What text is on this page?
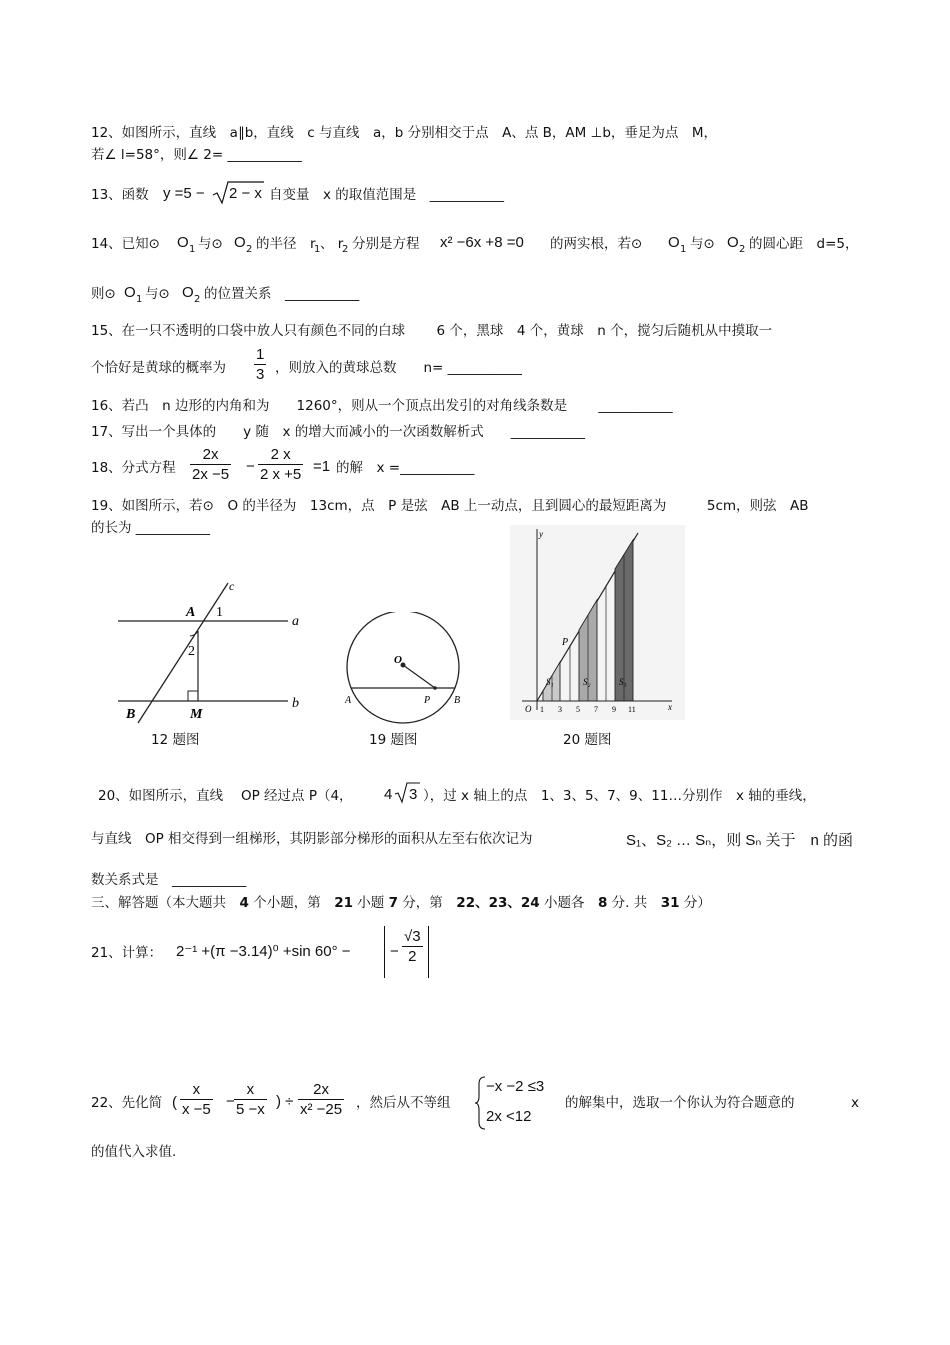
12、如图所示，直线　a∥b，直线　c 与直线　a，b 分别相交于点　A、点 B，AM ⊥b，垂足为点　M，
若∠ l=58°，则∠ 2= ___________
13、函数 y =5 − 2 − x 自变量　x 的取值范围是　___________
14、已知⊙ O 1 与⊙ O 2 的半径　r
1 、 r
2 分别是方程 x² −6x +8 =0 的两实根，若⊙ O 1 与⊙ O 2 的圆心距　d=5，
则⊙ O 1 与⊙ O 2 的位置关系　___________
15、在一只不透明的口袋中放人只有颜色不同的白球　　 6 个，黑球　4 个，黄球　n 个，搅匀后随机从中摸取一
个恰好是黄球的概率为 $\frac{1}{3}$ ，则放入的黄球总数　　n= ___________
16、若凸　n 边形的内角和为　　1260°，则从一个顶点出发引的对角线条数是　　 ___________
17、写出一个具体的　　y 随　x 的增大而减小的一次函数解析式　　___________
18、分式方程 $\frac{2x}{2x -5} - \frac{2 x}{2 x +5} =1$ 的解　x =___________
19、如图所示，若⊙　O 的半径为　13cm，点　P 是弦　AB 上一动点，且到圆心的最短距离为　　　5cm，则弦　AB
的长为 ___________
c
A 1
a
2
B	M
b
12 题图
O
A	P B
19 题图
y
P
S₁	S₂	S₃
O 1 3 5 7 9 11	x
20 题图
20、如图所示，直线　 OP 经过点 P（4， 4 3 ），过 x 轴上的点　1、3、5、7、9、11…分别作　x 轴的垂线，
与直线　OP 相交得到一组梯形，其阴影部分梯形的面积从左至右依次记为	S₁、S₂ … Sₙ，则 Sₙ 关于　n 的函
数关系式是　___________
三、解答题（本大题共　4 个小题，第　21 小题 7 分，第　22、23、24 小题各　8 分. 共　31 分）
21、计算： 2⁻¹ +(π −3.14)⁰ +sin 60° −	− $\frac{√3}{2}$
22、先化简 ( $\frac{x}{x -5} - \frac{x}{5 -x}$ ) ÷ $\frac{2x}{\text{x² −25}}$ ，然后从不等组
−x −2 ≤3
2x <12
的解集中，选取一个你认为符合题意的	x
的值代入求值.
